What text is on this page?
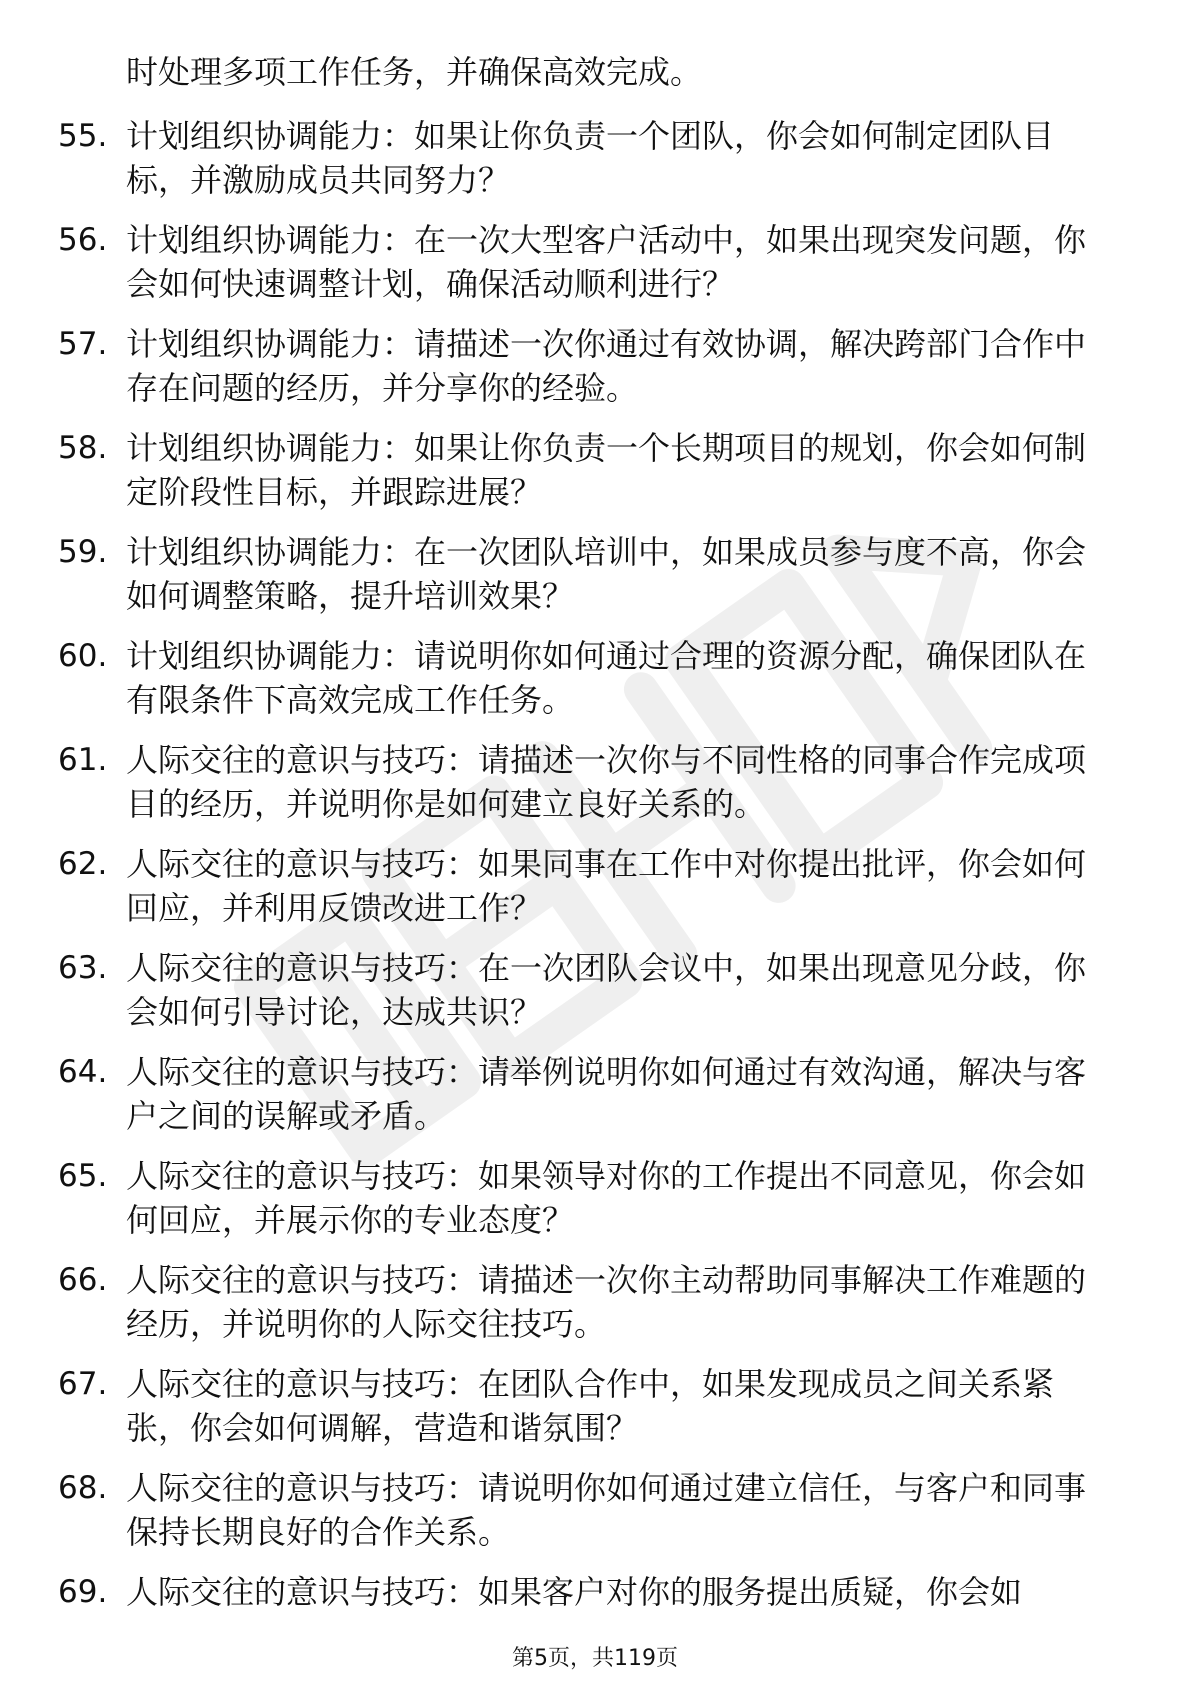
时处理多项工作任务，并确保高效完成。

55. 计划组织协调能力：如果让你负责一个团队，你会如何制定团队目标，并激励成员共同努力？

56. 计划组织协调能力：在一次大型客户活动中，如果出现突发问题，你会如何快速调整计划，确保活动顺利进行？

57. 计划组织协调能力：请描述一次你通过有效协调，解决跨部门合作中存在问题的经历，并分享你的经验。

58. 计划组织协调能力：如果让你负责一个长期项目的规划，你会如何制定阶段性目标，并跟踪进展？

59. 计划组织协调能力：在一次团队培训中，如果成员参与度不高，你会如何调整策略，提升培训效果？

60. 计划组织协调能力：请说明你如何通过合理的资源分配，确保团队在有限条件下高效完成工作任务。

61. 人际交往的意识与技巧：请描述一次你与不同性格的同事合作完成项目的经历，并说明你是如何建立良好关系的。

62. 人际交往的意识与技巧：如果同事在工作中对你提出批评，你会如何回应，并利用反馈改进工作？

63. 人际交往的意识与技巧：在一次团队会议中，如果出现意见分歧，你会如何引导讨论，达成共识？

64. 人际交往的意识与技巧：请举例说明你如何通过有效沟通，解决与客户之间的误解或矛盾。

65. 人际交往的意识与技巧：如果领导对你的工作提出不同意见，你会如何回应，并展示你的专业态度？

66. 人际交往的意识与技巧：请描述一次你主动帮助同事解决工作难题的经历，并说明你的人际交往技巧。

67. 人际交往的意识与技巧：在团队合作中，如果发现成员之间关系紧张，你会如何调解，营造和谐氛围？

68. 人际交往的意识与技巧：请说明你如何通过建立信任，与客户和同事保持长期良好的合作关系。

69. 人际交往的意识与技巧：如果客户对你的服务提出质疑，你会如

第5页，共119页
